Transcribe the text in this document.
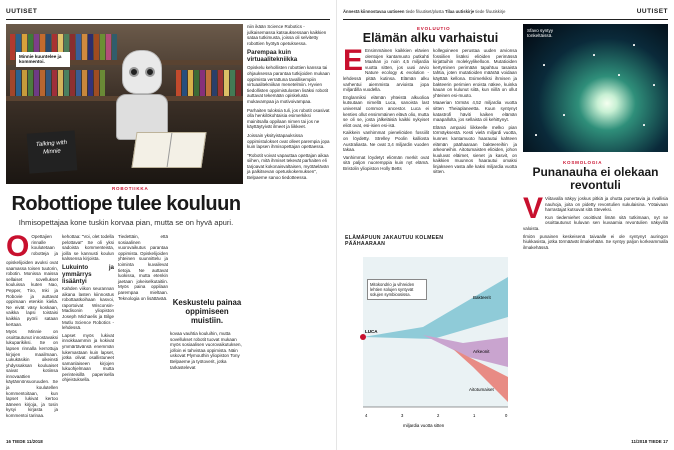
UUTISET
Minnie kuuntelee ja kommentoi.
Talking with Minnie

niin ikään Science Robotics -julkaisemassa katsauksessaan kaikkien sataa tutkimusta, joissa oli selvitetty robottien hyötyä opetuksessa.

Parempaa kuin virtuaalitekniikka

Opiskelu kehollisten robottien kanssa tai ohjauksessa parantaa tutkijoiden mukaan oppimista verrattuna tavallisempiin virtuaalitekniikan menetelmiin. Hyvien tiedollisten oppimistulosten lisäksi robotit auttavat tekemään opiskelusta mukavampaa ja motivoivampaa.

Parhaiten tuloksia tuli, jos robotit osasivat olla henkilökohtaisia esimerkiksi mainitsalla oppilaan nimen tai jos ne käyttäytyivät ilmeet ja liikkeet.

Joissain yksityistapauksissa oppimistulokset ovat olleet parempia jopa kuin lapsen ihmisopettajan opettaessa.

"Robotit voivat vapauttaa opettajan aikaa siihen, mitä ihmiset tekevät parhaiten eli tarjoavat kokonaisvaltaisen, myötäelävän ja palkitsevan opetuskokemuksen", Belpaeme sanoo tiedotteessa.

ROBOTIIKKA
Robottiope tulee kouluun
Ihmisopettajaa kone tuskin korvaa pian, mutta se on hyvä apuri.
O Opettajien rinnalle koulutetaan robotteja ja opiskelijoiden avuksi ovat saamassa toisen tuutorin, robotin. Monissa maissa sellaiset sovellukset kouluissa kuten Nao, Pepper, Tiro, Inki ja Robovie ja auttavat oppimaan etenkin kieliä. Ne eivät väsy koskaan, vaikka lapsi toistaisi kaikkia pyörii sataan kertaan.

Myös Minnie on osoittautunut innostavaksi lukuparikiksi. Se on lapsen rinnalla kerrottuja kirjojen maailmaan. Lukukäsikin oikeinsti yhdyssaksan kouluaiset saivat kotiinsa innovaattien käytännönsuoruuden. Se ja koulutellen kommentoitaan, kun lapset lukivat kertoo ääneen kirjoja, ja tosin kysyi kirjasta ja kommentoi tarinaa.

kehottaa: "Voi, olet todella pelottava!" Se oli yksi sadoista kommenteista, joilla se kannusti koulun kalssensa kirjoista.

Lukuinto ja ymmärrys lisääntyi

Kahden viikon seurannan aikana lasten kiinnostus robottaatkoihaan kasvoi, raportoivat Wisconsin-Madisonin yliopiston Joseph Michaelis ja Bilge Mutlu Science Robotics -lehdessä.

Lapset myös lukivat innokkaammin ja kokivat ymmärtävänsä enemmän lukemastaan kuin lapset, jotka olivat osallistuneet samanlaiseen kirjojen lukuohjelmaan mutta perinteisillä paperisella ohjeistuksella.

Tiedettäin, että sosiaalinen vuorovaikutus parantaa oppimista. Opiskelijoiden yhteinen suunnittelu ja toiminta kuvailevat tietoja. Ne auttavat luokissa, mutta etenkin jaetaan jokeiselkutaitiin. Myös paina oppilaan parempaa mieltaan. Teknologia on lisättävää. Keskustelu painaa oppimiseen muistiin.
kovaa vauhtia kouluihin, mutta sovellukset robotit tuovat mukaan myös sosiaalisen vuorovaikutuksen, jolloin ei tahvistaa oppimista. Näin uskovat Plymouthin yliopiston Tony Belpaeme ja työtoverit, jotka tarkastelevat
16 TIEDE 11/2018
Ännestä kiinnostavaa uutiseen tiede fi/uutiset/plusta Tilaa uutiskirje tiede fi/uutiskirje	UUTISET
EVOLUUTIO
Elämän alku varhaistui
E Ensimmäinen kaikkien elävien olentojen kantamuoto putkahti Maahan jo noin 4,5 miljardia vuotta sitten, jos uusi arvio Nature ecology & evolution -lehdessä pitää kutinsa. Elämän alku varhentui aiemmista arvioista jopa miljardilla vuodella.

Englanniksi elämän yhteistä alkuolioa kutsutaan nimellä Luca, sanoista last universal common ancestor. Luca ei kenties ollut ensimmäinen elävä olio, mutta se oli se, josta jälkeläisiä kaikki nykyiset eliöt ovat, esi-isien esi-isä.

Kaikkein vanhimmat pieneliöiden fossiilit on löydetty. Strelley Poolin kalliosta Australiasta. Ne ovat 3,4 miljardin vuoden takaa.

Vanhimmat löydetyt eliömän merkit ovat sitä paljon nuoremppia kuin nyt elämä. Bristolin yliopiston Holly Betts

kollegoineen perustaa uuden arvionsa fossiilien lisäksi eliöiden perimässä kirjattuihin molekyylikelloon. Mutatioiden kertyminen perimään tapahtuu tasaista tahtia, joten mutatioiden määrää voidaan käyttää kellona. Esimerkiksi ihmisen ja bakteerin perimien eroista näkee, kuinka kauan on kulunut siitä, kun niillä on ollut yhteinen esi-muoto.

Maaerian törmäs 4,52 miljardia vuotta sitten Theiaplaneetta. Kuun syntynyt katastrofi häviti kaiken elämän maapallolta, jos sellaista oli kehittynyt.

Elämä ampaisi liikkeelle melko pian törmäyksestä. Kesti vielä miljardi vuotta, kunnes kantamuoto haarautui kahteen elämän päähaaraan bakteereihin ja arkeoneihin. Aitotumaisten eliöiden, johon kuuluvat eläimet, sienet ja kasvit, on kaikkien muunnos haarautui omaksi linjakseen vasta alle kaksi miljardia vuotta sitten.

Sfavo syntyy tonkeltäissä.
KOSMOLOGIA
Punanauha ei olekaan revontuli
V Viitavalla näkyy joskus pitkiä ja ohutta punertavia ja rivallisia nauhoja, joita on pidetty revontulien sukulaisina. Yötaivaan harrastajat kutsuvat sitä Steveksi.

Kun tiedemiehet osoittivat limän sitä tutkimaan, nyt se osoittautunut kuluvan sen kuvaamia revontulien näkyvillä valoista.

Ilmiön punainen keskeisenä taivaalle ei ole syntynyt auringon hiukkasista, jotka törmäävät ilmakehään. Se syntyy paljon korkeammalla ilmakehässä.

ELÄMÄPUUN JAKAUTUU KOLMEEN PÄÄHAARAAN
LUCA
Bakteerit
Arkeonit
Aitotumaiset
4	3	2	1	0
miljardia vuotta sitten
Mitokondrio ja vihreiden lehtien solujen syntyvät solujen symbioosissa.
11/2018 TIEDE 17
